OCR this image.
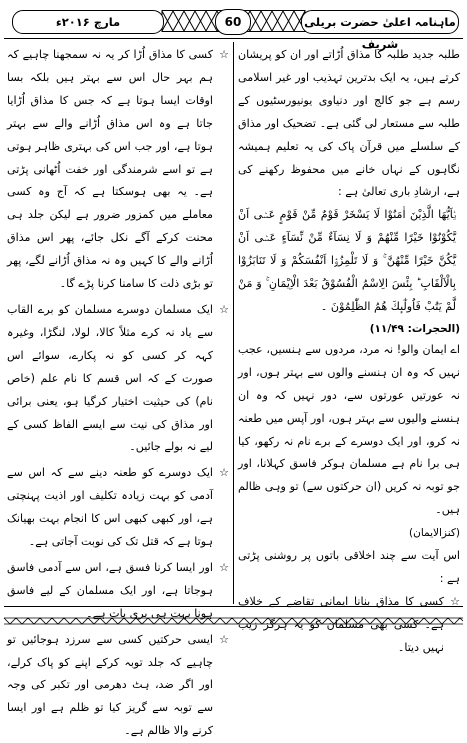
ماہنامہ اعلیٰ حضرت بریلی شریف
60
مارچ ۲۰۱۶ء

طلبہ جدید طلبہ کا مذاق اُڑاتے اور ان کو پریشان کرتے ہیں، یہ ایک بدترین تہذیب اور غیر اسلامی رسم ہے جو کالج اور دنیاوی یونیورسٹیوں کے طلبہ سے مستعار لی گئی ہے۔ تضحیک اور مذاق کے سلسلے میں قرآن پاک کی یہ تعلیم ہمیشہ نگاہوں کے نہاں خانے میں محفوظ رکھنے کی ہے، ارشادِ باری تعالیٰ ہے :

یٰۤاَیُّهَا الَّذِیْنَ اٰمَنُوْا لَا یَسْخَرْ قَوْمٌ مِّنْ قَوْمٍ عَسٰۤى اَنْ یَّكُوْنُوْا خَیْرًا مِّنْهُمْ وَ لَا نِسَآءٌ مِّنْ نِّسَآءٍ عَسٰۤى اَنْ یَّكُنَّ خَیْرًا مِّنْهُنَّ ۚ وَ لَا تَلْمِزُوْۤا اَنْفُسَكُمْ وَ لَا تَنَابَزُوْا بِالْاَلْقَابِ ؕ بِئْسَ الِاسْمُ الْفُسُوْقُ بَعْدَ الْاِیْمَانِ ۚ وَ مَنْ لَّمْ یَتُبْ فَاُولٰٓىٕكَ هُمُ الظّٰلِمُوْنَ ۔

(الحجرات: ۱۱/۴۹)

اے ایمان والو! نہ مرد، مردوں سے ہنسیں، عجب نہیں کہ وہ ان ہنسنے والوں سے بہتر ہوں، اور نہ عورتیں عورتوں سے، دور نہیں کہ وہ ان ہنسنے والیوں سے بہتر ہوں، اور آپس میں طعنہ نہ کرو، اور ایک دوسرے کے برے نام نہ رکھو، کیا ہی برا نام ہے مسلمان ہوکر فاسق کہلانا، اور جو توبہ نہ کریں (ان حرکتوں سے) تو وہی ظالم ہیں۔

(کنزالایمان)

اس آیت سے چند اخلاقی باتوں پر روشنی پڑتی ہے :

☆

کسی کا مذاق بنانا ایمانی تقاضے کے خلاف ہے۔ کسی بھی مسلمان کو یہ ہرگز زیب نہیں دیتا۔

☆

کسی کا مذاق اُڑا کر یہ نہ سمجھنا چاہیے کہ ہم بہر حال اس سے بہتر ہیں بلکہ بسا اوقات ایسا ہوتا ہے کہ جس کا مذاق اُڑایا جاتا ہے وہ اس مذاق اُڑانے والے سے بہتر ہوتا ہے، اور جب اس کی بہتری ظاہر ہوتی ہے تو اسے شرمندگی اور خفت اُٹھانی پڑتی ہے۔ یہ بھی ہوسکتا ہے کہ آج وہ کسی معاملے میں کمزور ضرور ہے لیکن جلد ہی محنت کرکے آگے نکل جائے، پھر اس مذاق اُڑانے والے کا کہیں وہ نہ مذاق اُڑانے لگے، پھر تو بڑی ذلت کا سامنا کرنا پڑے گا۔

☆

ایک مسلمان دوسرے مسلمان کو برے القاب سے یاد نہ کرے مثلاً کالا، لولا، لنگڑا، وغیرہ کہہ کر کسی کو نہ پکارے، سوائے اس صورت کے کہ اس قسم کا نام علم (خاص نام) کی حیثیت اختیار کرگیا ہو، یعنی برائی اور مذاق کی نیت سے ایسے الفاظ کسی کے لیے نہ بولے جائیں۔

☆

ایک دوسرے کو طعنہ دینے سے کہ اس سے آدمی کو بہت زیادہ تکلیف اور اذیت پہنچتی ہے، اور کبھی کبھی اس کا انجام بہت بھیانک ہوتا ہے کہ قتل تک کی نوبت آجاتی ہے۔

☆

اور ایسا کرنا فسق ہے، اس سے آدمی فاسق ہوجاتا ہے، اور ایک مسلمان کے لیے فاسق ہونا بہت ہی بری بات ہے۔

☆

ایسی حرکتیں کسی سے سرزد ہوجائیں تو چاہیے کہ جلد توبہ کرکے اپنے کو پاک کرلے، اور اگر ضد، ہٹ دھرمی اور تکبر کی وجہ سے توبہ سے گریز کیا تو ظلم ہے اور ایسا کرنے والا ظالم ہے۔
